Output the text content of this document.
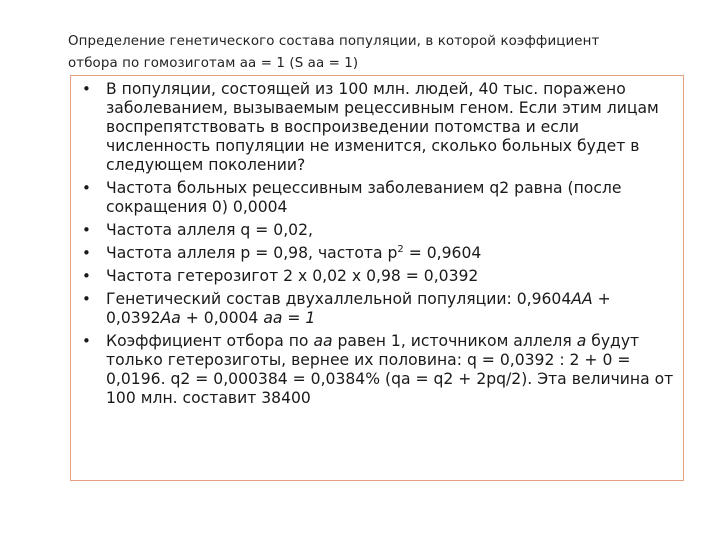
Определение генетического состава популяции, в которой коэффициент
отбора по гомозиготам аа = 1 (S аа = 1)
• В популяции, состоящей из 100 млн. людей, 40 тыс. поражено заболеванием, вызываемым рецессивным геном. Если этим лицам воспрепятствовать в воспроизведении потомства и если численность популяции не изменится, сколько больных будет в следующем поколении?
• Частота больных рецессивным заболеванием q2 равна (после сокращения 0) 0,0004
• Частота аллеля q = 0,02,
• Частота аллеля р = 0,98, частота $р^2 = 0,9604$
• Частота гетерозигот 2 х 0,02 х 0,98 = 0,0392
• Генетический состав двухаллельной популяции: 0,9604АА + 0,0392Аа + 0,0004 аа = 1
• Коэффициент отбора по аа равен 1, источником аллеля а будут только гетерозиготы, вернее их половина: q = 0,0392 : 2 + 0 = 0,0196. q2 = 0,000384 = 0,0384% (qа = q2 + 2pq/2). Эта величина от 100 млн. составит 38400
